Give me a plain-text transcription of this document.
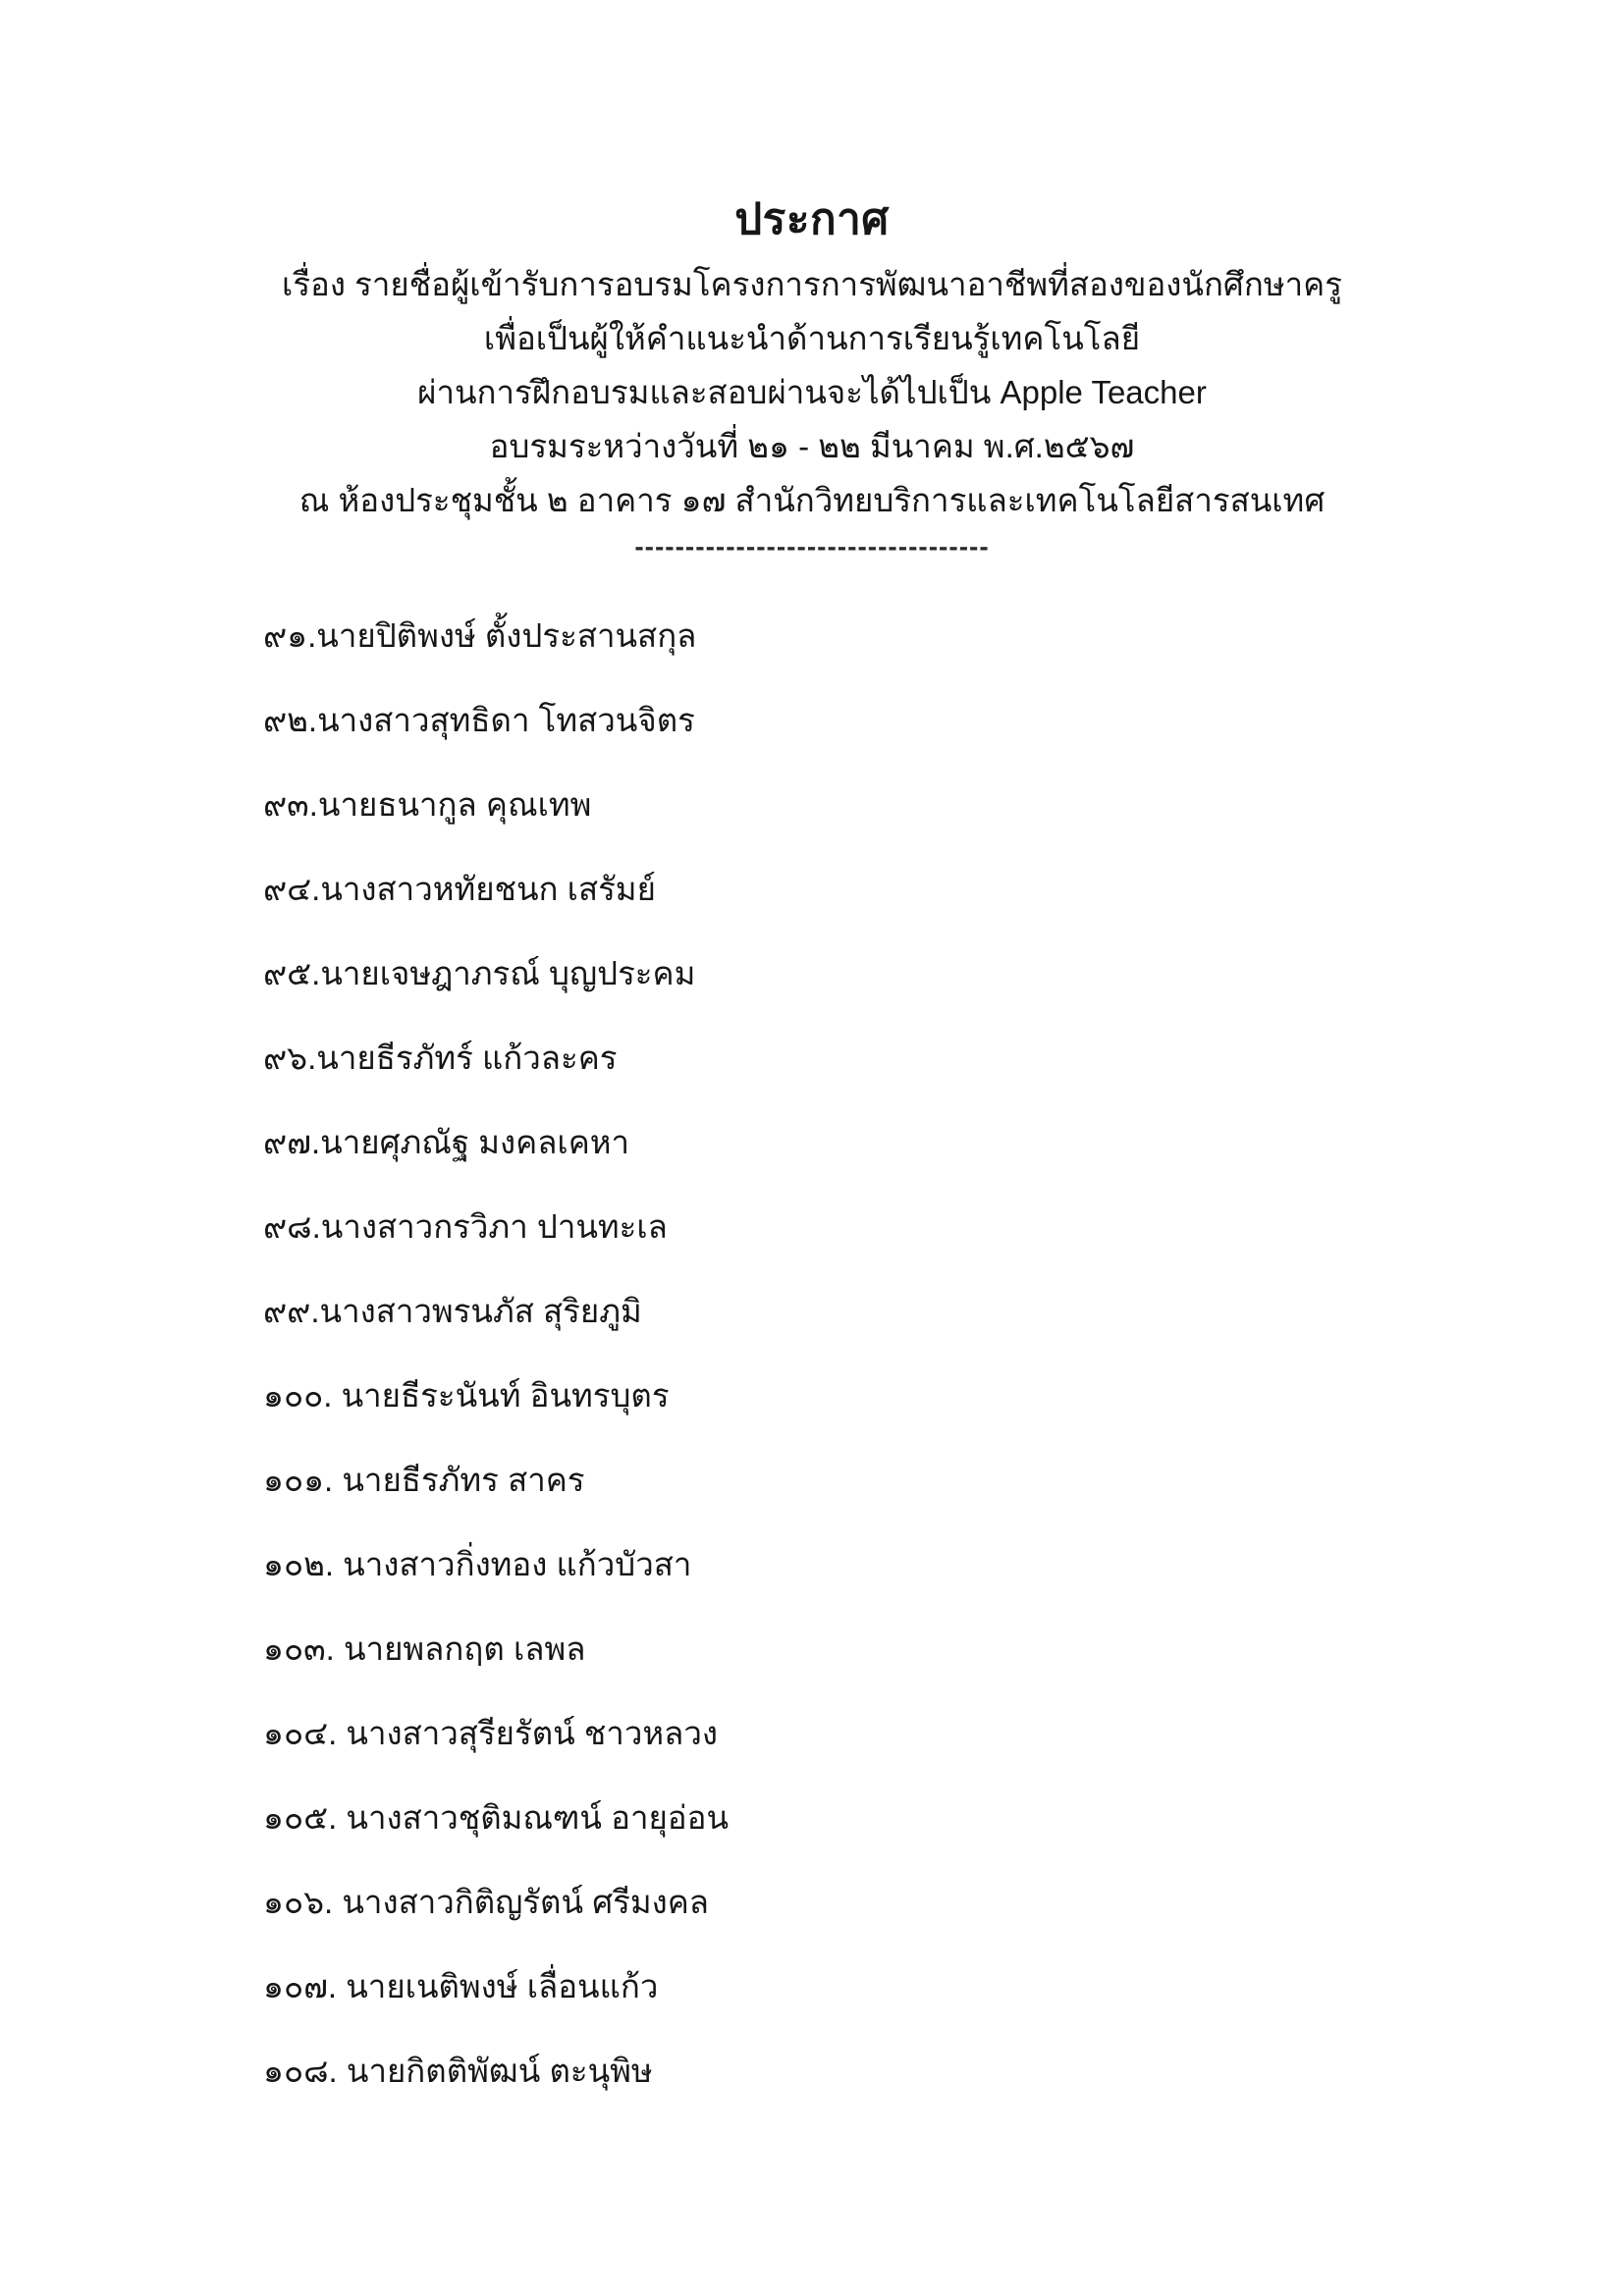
ประกาศ
เรื่อง รายชื่อผู้เข้ารับการอบรมโครงการการพัฒนาอาชีพที่สองของนักศึกษาครู
เพื่อเป็นผู้ให้คำแนะนำด้านการเรียนรู้เทคโนโลยี
ผ่านการฝึกอบรมและสอบผ่านจะได้ไปเป็น Apple Teacher
อบรมระหว่างวันที่ ๒๑ - ๒๒ มีนาคม พ.ศ.๒๕๖๗
ณ ห้องประชุมชั้น ๒ อาคาร ๑๗ สำนักวิทยบริการและเทคโนโลยีสารสนเทศ
-----------------------------------
๙๑.นายปิติพงษ์ ตั้งประสานสกุล
๙๒.นางสาวสุทธิดา โทสวนจิตร
๙๓.นายธนากูล คุณเทพ
๙๔.นางสาวหทัยชนก เสรัมย์
๙๕.นายเจษฎาภรณ์ บุญประคม
๙๖.นายธีรภัทร์ แก้วละคร
๙๗.นายศุภณัฐ มงคลเคหา
๙๘.นางสาวกรวิภา ปานทะเล
๙๙.นางสาวพรนภัส สุริยภูมิ
๑๐๐. นายธีระนันท์ อินทรบุตร
๑๐๑. นายธีรภัทร สาคร
๑๐๒. นางสาวกิ่งทอง แก้วบัวสา
๑๐๓. นายพลกฤต เลพล
๑๐๔. นางสาวสุรียรัตน์ ชาวหลวง
๑๐๕. นางสาวชุติมณฑน์ อายุอ่อน
๑๐๖. นางสาวกิติญรัตน์ ศรีมงคล
๑๐๗. นายเนติพงษ์ เลื่อนแก้ว
๑๐๘. นายกิตติพัฒน์ ตะนุพิษ
